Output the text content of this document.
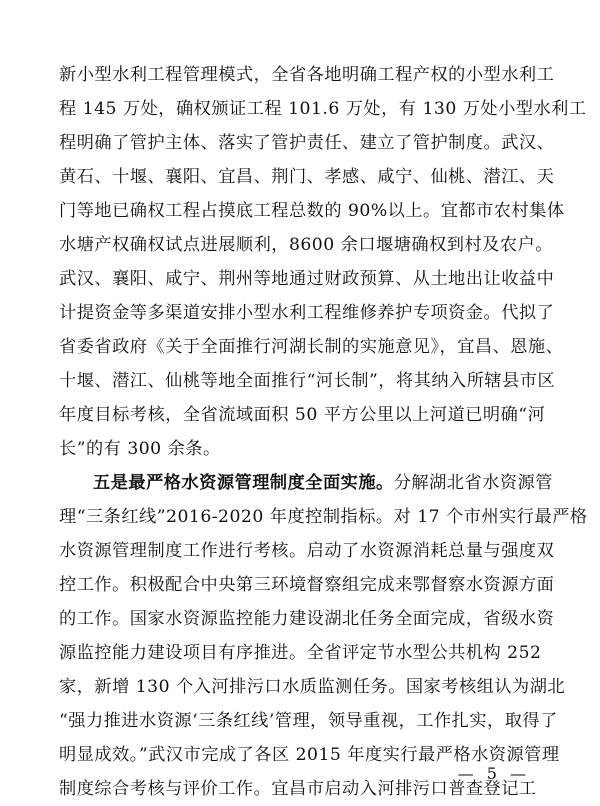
新小型水利工程管理模式，全省各地明确工程产权的小型水利工
程 145 万处，确权颁证工程 101.6 万处，有 130 万处小型水利工
程明确了管护主体、落实了管护责任、建立了管护制度。武汉、
黄石、十堰、襄阳、宜昌、荆门、孝感、咸宁、仙桃、潜江、天
门等地已确权工程占摸底工程总数的 90%以上。宜都市农村集体
水塘产权确权试点进展顺利，8600 余口堰塘确权到村及农户。
武汉、襄阳、咸宁、荆州等地通过财政预算、从土地出让收益中
计提资金等多渠道安排小型水利工程维修养护专项资金。代拟了
省委省政府《关于全面推行河湖长制的实施意见》，宜昌、恩施、
十堰、潜江、仙桃等地全面推行“河长制”，将其纳入所辖县市区
年度目标考核，全省流域面积 50 平方公里以上河道已明确“河
长”的有 300 余条。
五是最严格水资源管理制度全面实施。分解湖北省水资源管
理“三条红线”2016-2020 年度控制指标。对 17 个市州实行最严格
水资源管理制度工作进行考核。启动了水资源消耗总量与强度双
控工作。积极配合中央第三环境督察组完成来鄂督察水资源方面
的工作。国家水资源监控能力建设湖北任务全面完成，省级水资
源监控能力建设项目有序推进。全省评定节水型公共机构 252
家，新增 130 个入河排污口水质监测任务。国家考核组认为湖北
“强力推进水资源‘三条红线’管理，领导重视，工作扎实，取得了
明显成效。”武汉市完成了各区 2015 年度实行最严格水资源管理
制度综合考核与评价工作。宜昌市启动入河排污口普查登记工
— 5 —
